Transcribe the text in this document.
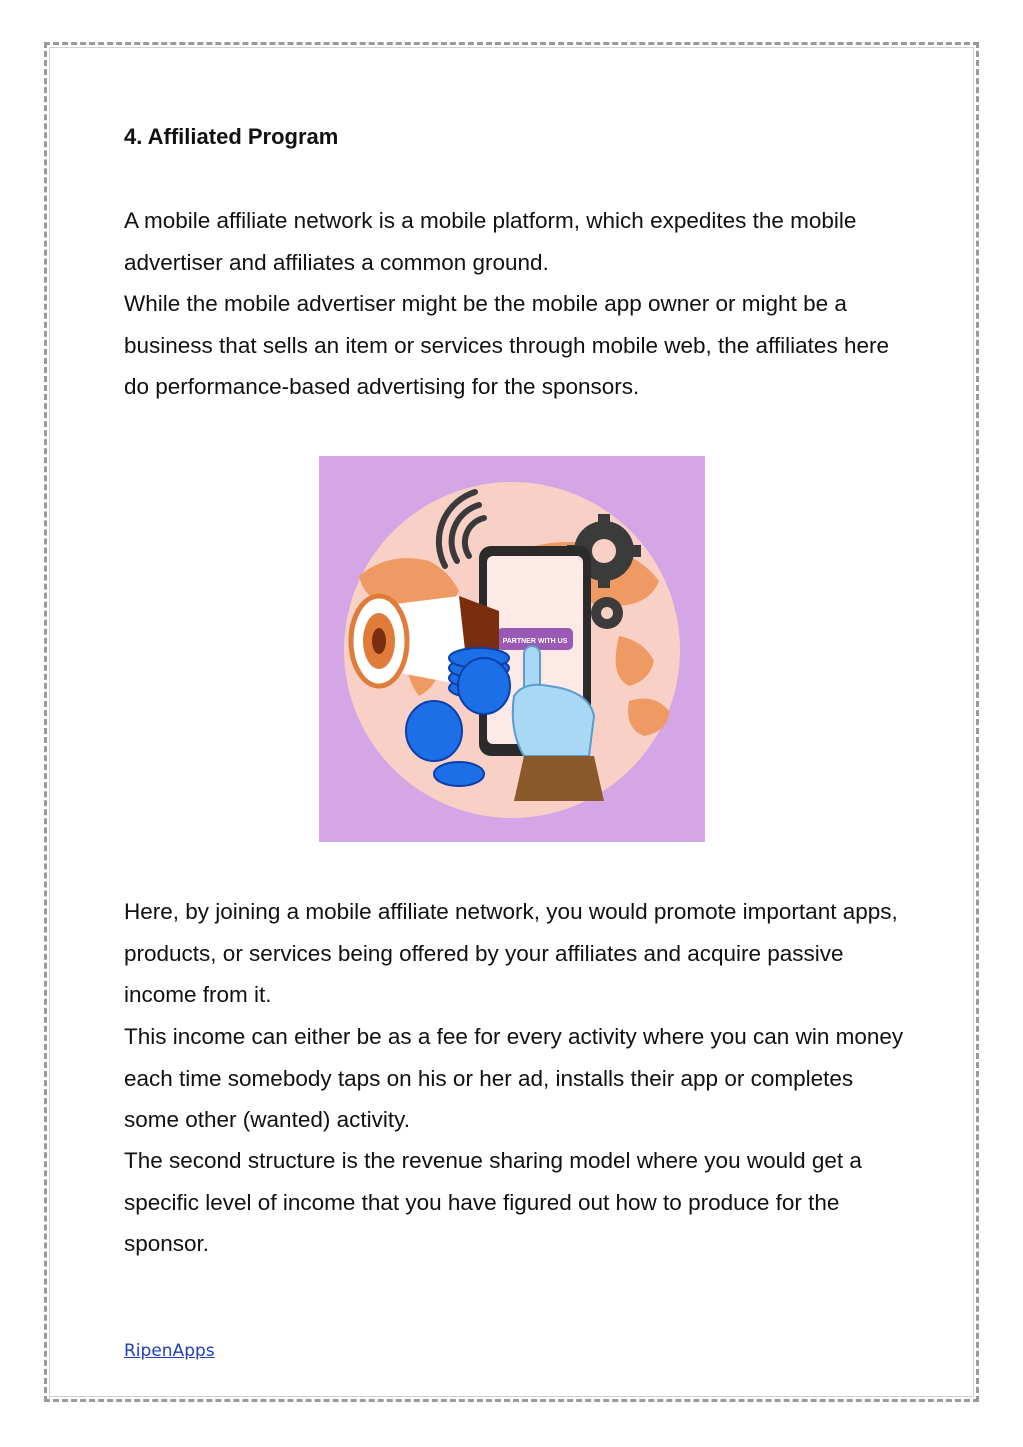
4. Affiliated Program

A mobile affiliate network is a mobile platform, which expedites the mobile advertiser and affiliates a common ground.

While the mobile advertiser might be the mobile app owner or might be a business that sells an item or services through mobile web, the affiliates here do performance-based advertising for the sponsors.

Here, by joining a mobile affiliate network, you would promote important apps, products, or services being offered by your affiliates and acquire passive income from it.

This income can either be as a fee for every activity where you can win money each time somebody taps on his or her ad, installs their app or completes some other (wanted) activity.

The second structure is the revenue sharing model where you would get a specific level of income that you have figured out how to produce for the sponsor.

PARTNER WITH US
RipenApps
